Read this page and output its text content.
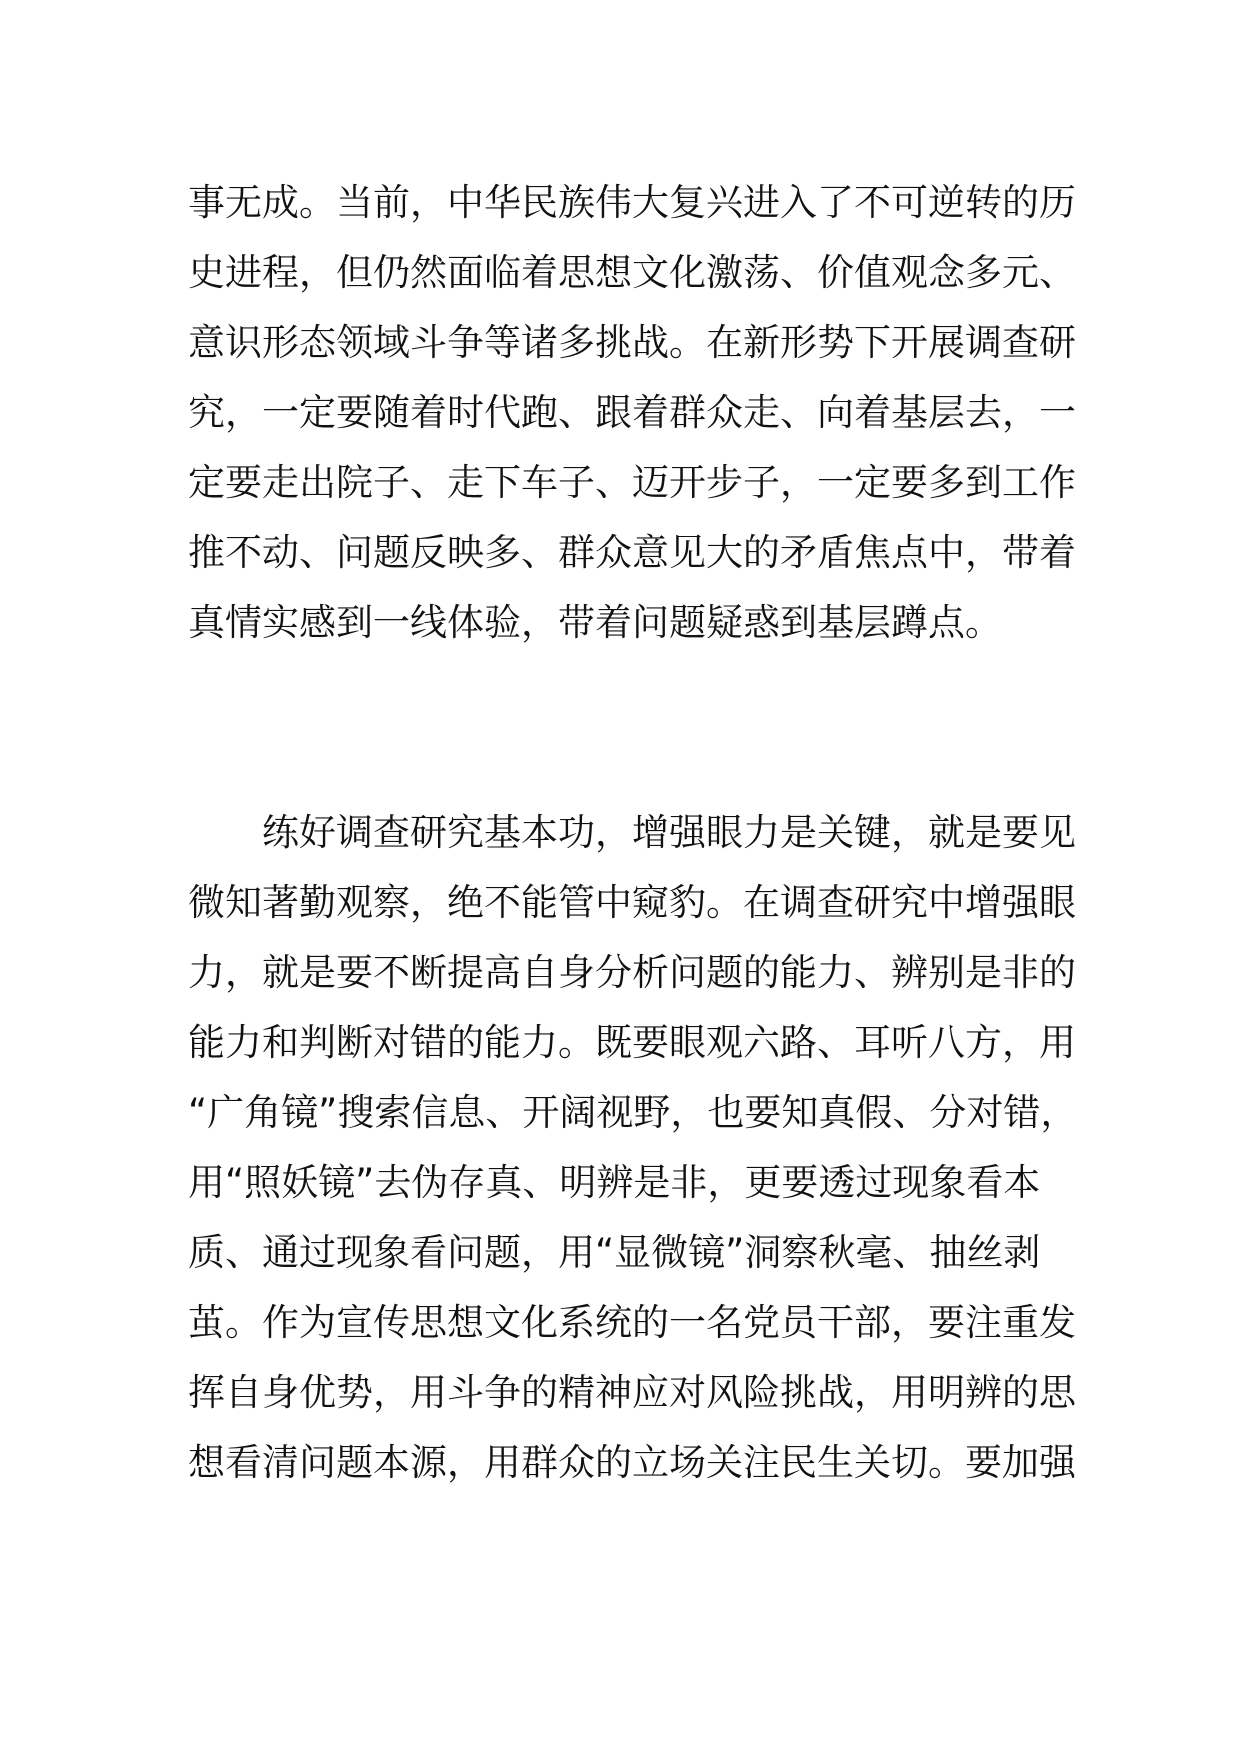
事无成。当前，中华民族伟大复兴进入了不可逆转的历
史进程，但仍然面临着思想文化激荡、价值观念多元、
意识形态领域斗争等诸多挑战。在新形势下开展调查研
究，一定要随着时代跑、跟着群众走、向着基层去，一
定要走出院子、走下车子、迈开步子，一定要多到工作
推不动、问题反映多、群众意见大的矛盾焦点中，带着
真情实感到一线体验，带着问题疑惑到基层蹲点。
　　练好调查研究基本功，增强眼力是关键，就是要见
微知著勤观察，绝不能管中窥豹。在调查研究中增强眼
力，就是要不断提高自身分析问题的能力、辨别是非的
能力和判断对错的能力。既要眼观六路、耳听八方，用
“广角镜”搜索信息、开阔视野，也要知真假、分对错，
用“照妖镜”去伪存真、明辨是非，更要透过现象看本
质、通过现象看问题，用“显微镜”洞察秋毫、抽丝剥
茧。作为宣传思想文化系统的一名党员干部，要注重发
挥自身优势，用斗争的精神应对风险挑战，用明辨的思
想看清问题本源，用群众的立场关注民生关切。要加强
